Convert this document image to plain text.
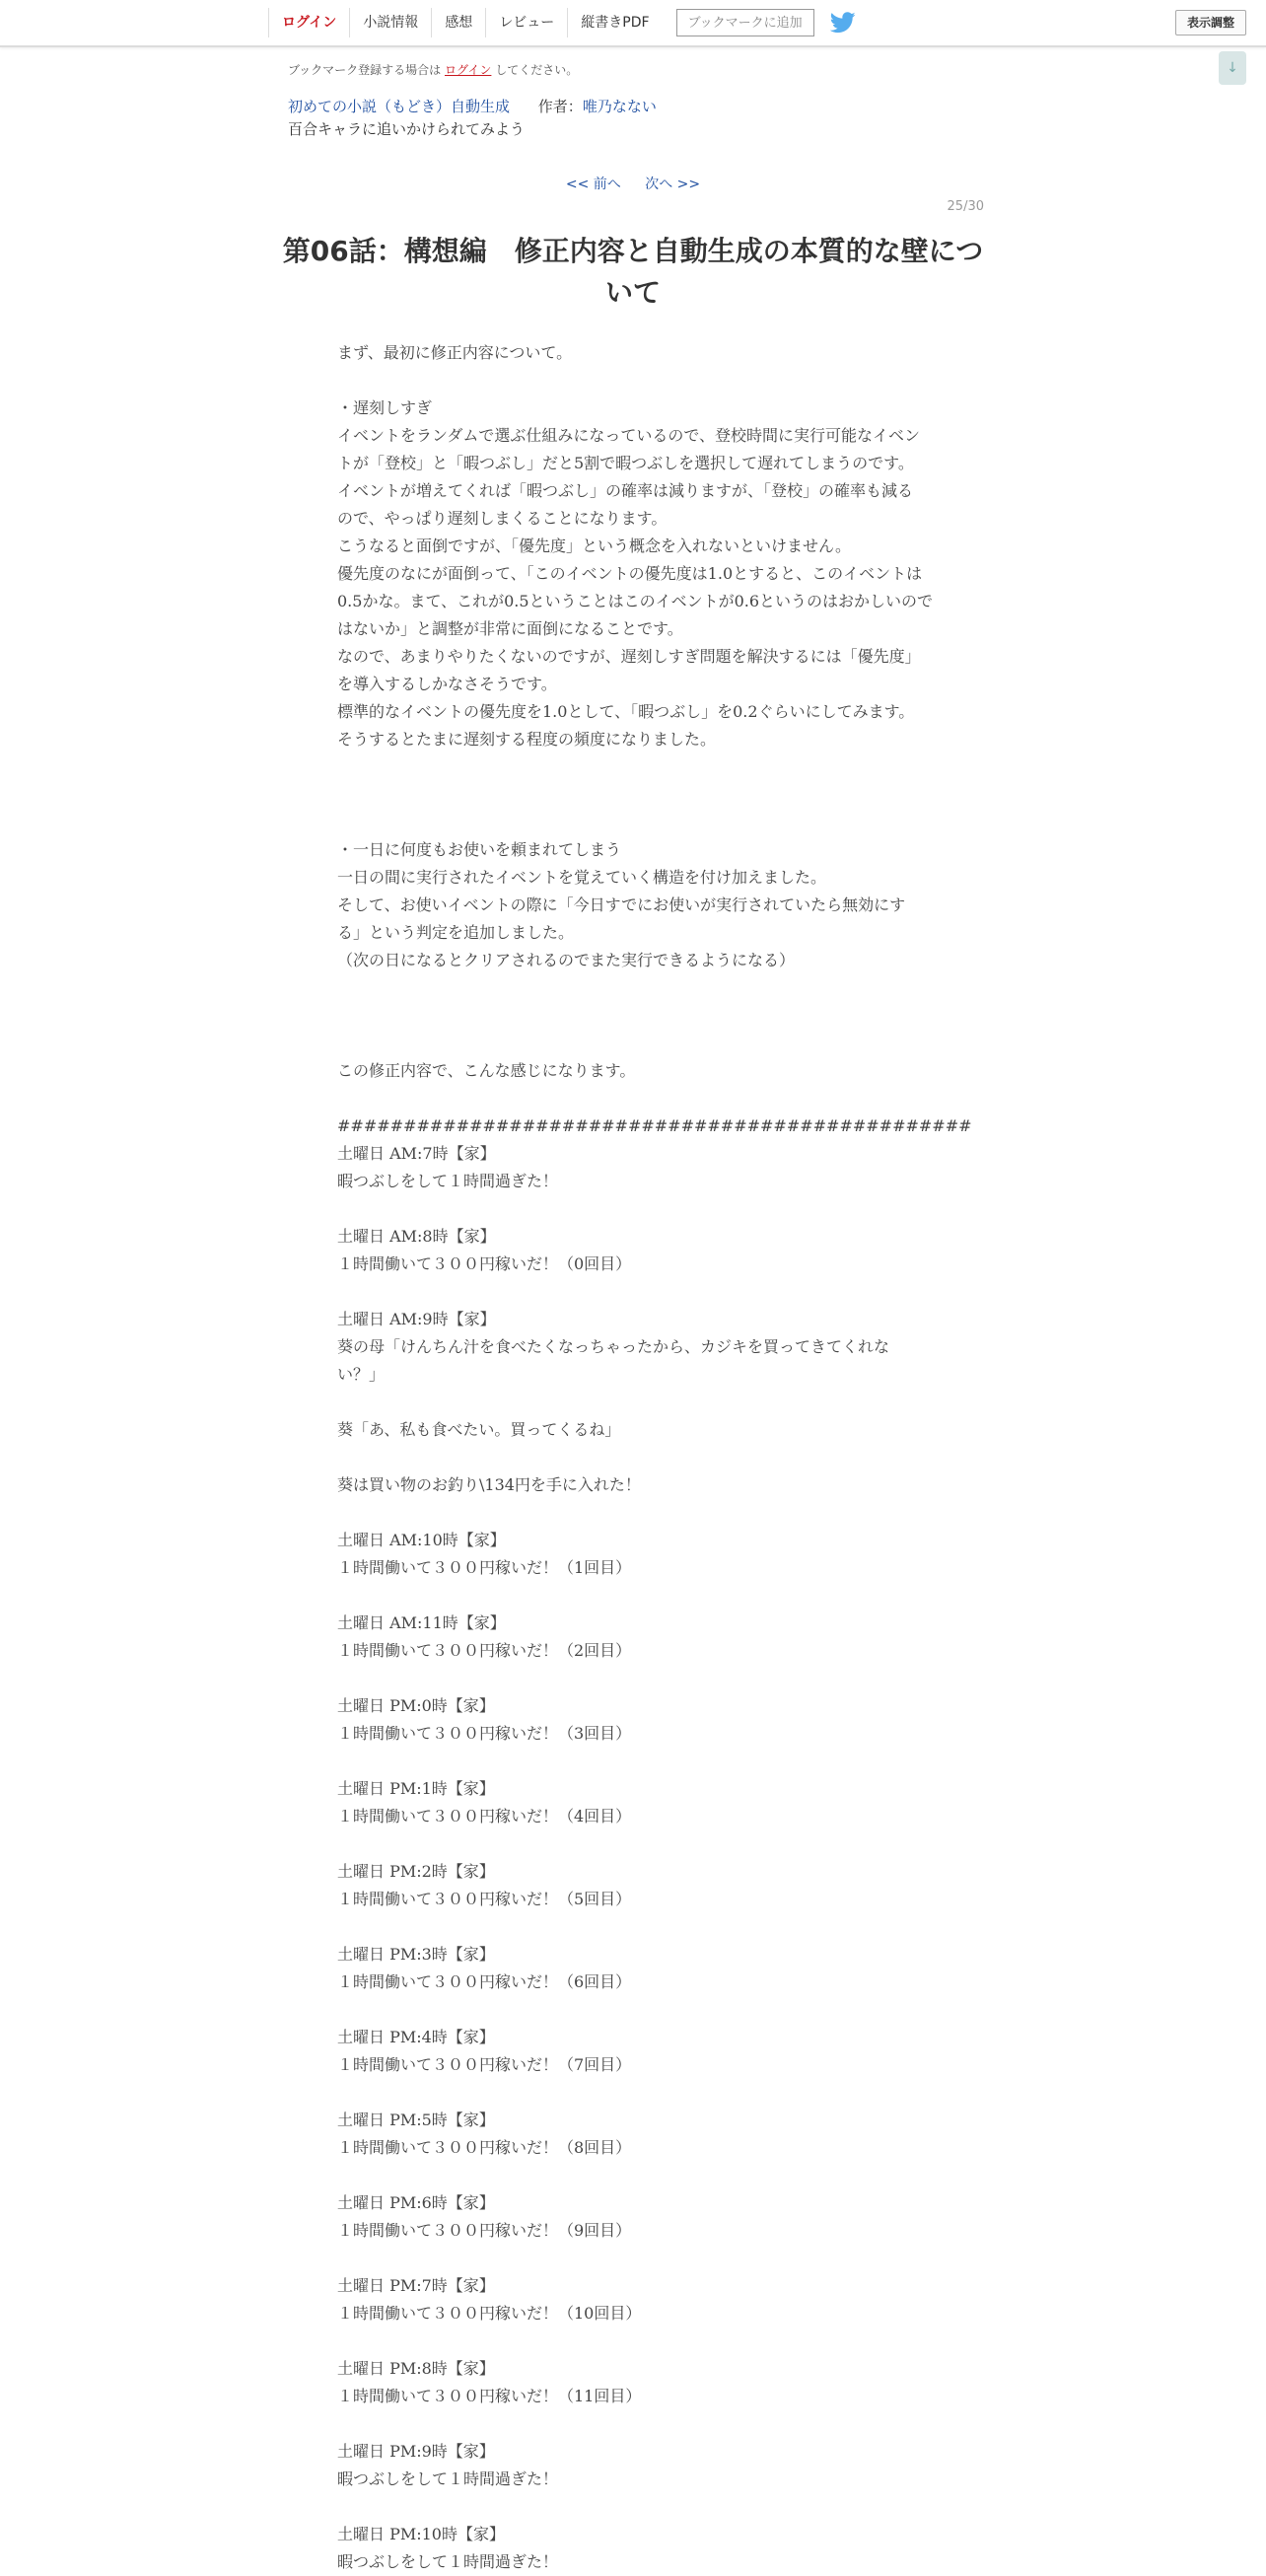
ログイン	小説情報	感想	レビュー	縦書きPDF	ブックマークに追加	表示調整
↓
ブックマーク登録する場合は ログイン してください。
初めての小説（もどき）自動生成 作者：唯乃なない
百合キャラに追いかけられてみよう
<< 前へ 次へ >>
25/30
第06話：構想編　修正内容と自動生成の本質的な壁について
まず、最初に修正内容について。
・遅刻しすぎ
イベントをランダムで選ぶ仕組みになっているので、登校時間に実行可能なイベン
トが「登校」と「暇つぶし」だと5割で暇つぶしを選択して遅れてしまうのです。
イベントが増えてくれば「暇つぶし」の確率は減りますが、「登校」の確率も減る
ので、やっぱり遅刻しまくることになります。
こうなると面倒ですが、「優先度」という概念を入れないといけません。
優先度のなにが面倒って、「このイベントの優先度は1.0とすると、このイベントは
0.5かな。まて、これが0.5ということはこのイベントが0.6というのはおかしいので
はないか」と調整が非常に面倒になることです。
なので、あまりやりたくないのですが、遅刻しすぎ問題を解決するには「優先度」
を導入するしかなさそうです。
標準的なイベントの優先度を1.0として、「暇つぶし」を0.2ぐらいにしてみます。
そうするとたまに遅刻する程度の頻度になりました。
・一日に何度もお使いを頼まれてしまう
一日の間に実行されたイベントを覚えていく構造を付け加えました。
そして、お使いイベントの際に「今日すでにお使いが実行されていたら無効にす
る」という判定を追加しました。
（次の日になるとクリアされるのでまた実行できるようになる）
この修正内容で、こんな感じになります。
################################################
土曜日 AM:7時【家】
暇つぶしをして１時間過ぎた！
土曜日 AM:8時【家】
１時間働いて３００円稼いだ！（0回目）
土曜日 AM:9時【家】
葵の母「けんちん汁を食べたくなっちゃったから、カジキを買ってきてくれな
い？」
葵「あ、私も食べたい。買ってくるね」
葵は買い物のお釣り\134円を手に入れた！
土曜日 AM:10時【家】
１時間働いて３００円稼いだ！（1回目）
土曜日 AM:11時【家】
１時間働いて３００円稼いだ！（2回目）
土曜日 PM:0時【家】
１時間働いて３００円稼いだ！（3回目）
土曜日 PM:1時【家】
１時間働いて３００円稼いだ！（4回目）
土曜日 PM:2時【家】
１時間働いて３００円稼いだ！（5回目）
土曜日 PM:3時【家】
１時間働いて３００円稼いだ！（6回目）
土曜日 PM:4時【家】
１時間働いて３００円稼いだ！（7回目）
土曜日 PM:5時【家】
１時間働いて３００円稼いだ！（8回目）
土曜日 PM:6時【家】
１時間働いて３００円稼いだ！（9回目）
土曜日 PM:7時【家】
１時間働いて３００円稼いだ！（10回目）
土曜日 PM:8時【家】
１時間働いて３００円稼いだ！（11回目）
土曜日 PM:9時【家】
暇つぶしをして１時間過ぎた！
土曜日 PM:10時【家】
暇つぶしをして１時間過ぎた！
